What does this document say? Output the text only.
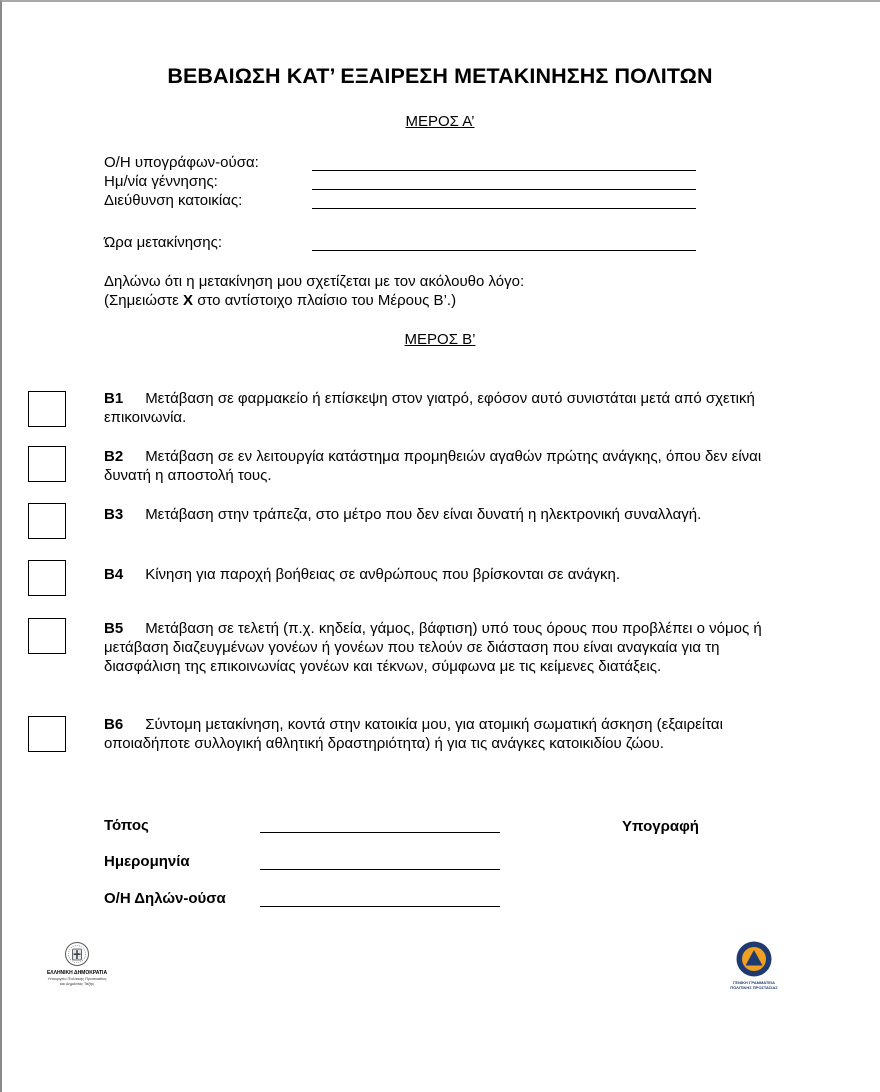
ΒΕΒΑΙΩΣΗ ΚΑΤ’ ΕΞΑΙΡΕΣΗ ΜΕΤΑΚΙΝΗΣΗΣ ΠΟΛΙΤΩΝ
ΜΕΡΟΣ Α’
Ο/Η υπογράφων-ούσα:
Ημ/νία γέννησης:
Διεύθυνση κατοικίας:
Ώρα μετακίνησης:
Δηλώνω ότι η μετακίνηση μου σχετίζεται με τον ακόλουθο λόγο:
(Σημειώστε X στο αντίστοιχο πλαίσιο του Μέρους Β’.)
ΜΕΡΟΣ Β’
Β1 Μετάβαση σε φαρμακείο ή επίσκεψη στον γιατρό, εφόσον αυτό συνιστάται μετά από σχετική επικοινωνία.
Β2 Μετάβαση σε εν λειτουργία κατάστημα προμηθειών αγαθών πρώτης ανάγκης, όπου δεν είναι δυνατή η αποστολή τους.
Β3 Μετάβαση στην τράπεζα, στο μέτρο που δεν είναι δυνατή η ηλεκτρονική συναλλαγή.
Β4 Κίνηση για παροχή βοήθειας σε ανθρώπους που βρίσκονται σε ανάγκη.
Β5 Μετάβαση σε τελετή (π.χ. κηδεία, γάμος, βάφτιση) υπό τους όρους που προβλέπει ο νόμος ή μετάβαση διαζευγμένων γονέων ή γονέων που τελούν σε διάσταση που είναι αναγκαία για τη διασφάλιση της επικοινωνίας γονέων και τέκνων, σύμφωνα με τις κείμενες διατάξεις.
Β6 Σύντομη μετακίνηση, κοντά στην κατοικία μου, για ατομική σωματική άσκηση (εξαιρείται οποιαδήποτε συλλογική αθλητική δραστηριότητα) ή για τις ανάγκες κατοικιδίου ζώου.
Τόπος
Ημερομηνία
Ο/Η Δηλών-ούσα
Υπογραφή
ΕΛΛΗΝΙΚΗ ΔΗΜΟΚΡΑΤΙΑ
Υπουργείο Πολιτικής Προστασίας
και Δημόσιας Τάξης	ΓΕΝΙΚΗ ΓΡΑΜΜΑΤΕΙΑ
ΠΟΛΙΤΙΚΗΣ ΠΡΟΣΤΑΣΙΑΣ
